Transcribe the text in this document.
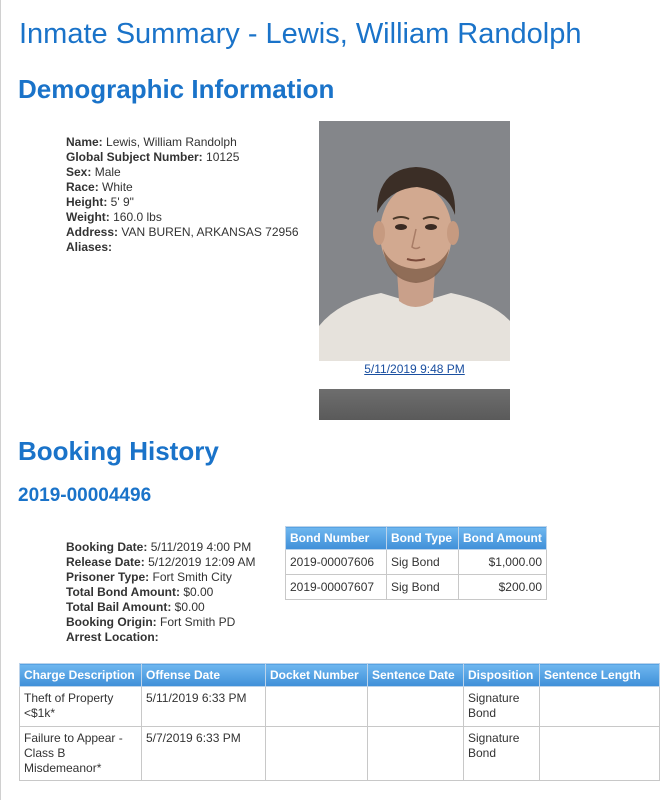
Inmate Summary - Lewis, William Randolph
Demographic Information
Name: Lewis, William Randolph
Global Subject Number: 10125
Sex: Male
Race: White
Height: 5' 9"
Weight: 160.0 lbs
Address: VAN BUREN, ARKANSAS 72956
Aliases:
5/11/2019 9:48 PM
Booking History
2019-00004496
Booking Date: 5/11/2019 4:00 PM
Release Date: 5/12/2019 12:09 AM
Prisoner Type: Fort Smith City
Total Bond Amount: $0.00
Total Bail Amount: $0.00
Booking Origin: Fort Smith PD
Arrest Location:
Bond Number	Bond Type	Bond Amount
2019-00007606	Sig Bond	$1,000.00
2019-00007607	Sig Bond	$200.00
Charge Description	Offense Date	Docket Number	Sentence Date	Disposition	Sentence Length
Theft of Property <$1k*	5/11/2019 6:33 PM			Signature Bond	
Failure to Appear - Class B Misdemeanor*	5/7/2019 6:33 PM			Signature Bond	
